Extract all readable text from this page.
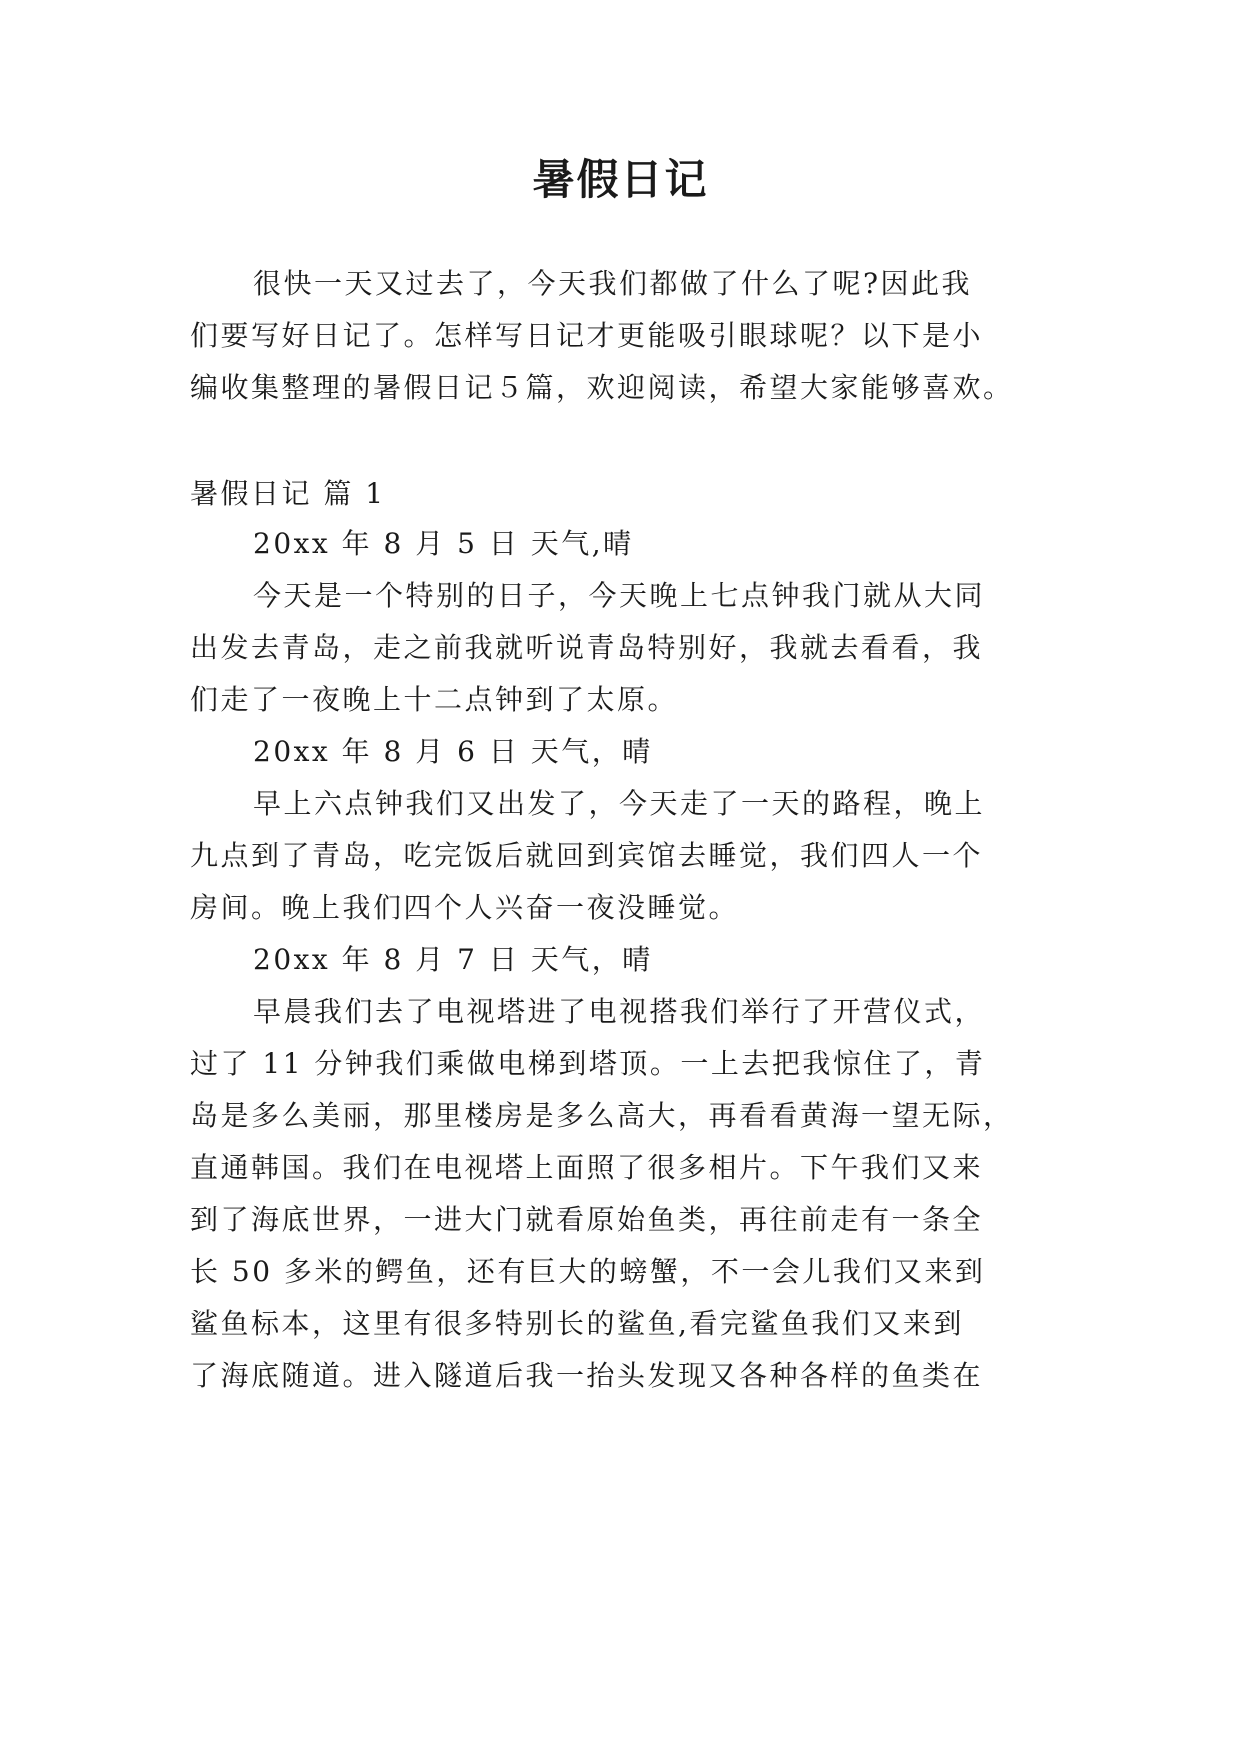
暑假日记
很快一天又过去了，今天我们都做了什么了呢?因此我
们要写好日记了。怎样写日记才更能吸引眼球呢？以下是小
编收集整理的暑假日记５篇，欢迎阅读，希望大家能够喜欢。
暑假日记 篇 1
20xx 年 8 月 5 日 天气,晴
今天是一个特别的日子，今天晚上七点钟我门就从大同
出发去青岛，走之前我就听说青岛特别好，我就去看看，我
们走了一夜晚上十二点钟到了太原。
20xx 年 8 月 6 日 天气，晴
早上六点钟我们又出发了，今天走了一天的路程，晚上
九点到了青岛，吃完饭后就回到宾馆去睡觉，我们四人一个
房间。晚上我们四个人兴奋一夜没睡觉。
20xx 年 8 月 7 日 天气，晴
早晨我们去了电视塔进了电视搭我们举行了开营仪式，
过了 11 分钟我们乘做电梯到塔顶。一上去把我惊住了，青
岛是多么美丽，那里楼房是多么高大，再看看黄海一望无际，
直通韩国。我们在电视塔上面照了很多相片。下午我们又来
到了海底世界，一进大门就看原始鱼类，再往前走有一条全
长 50 多米的鳄鱼，还有巨大的螃蟹，不一会儿我们又来到
鲨鱼标本，这里有很多特别长的鲨鱼,看完鲨鱼我们又来到
了海底随道。进入隧道后我一抬头发现又各种各样的鱼类在
